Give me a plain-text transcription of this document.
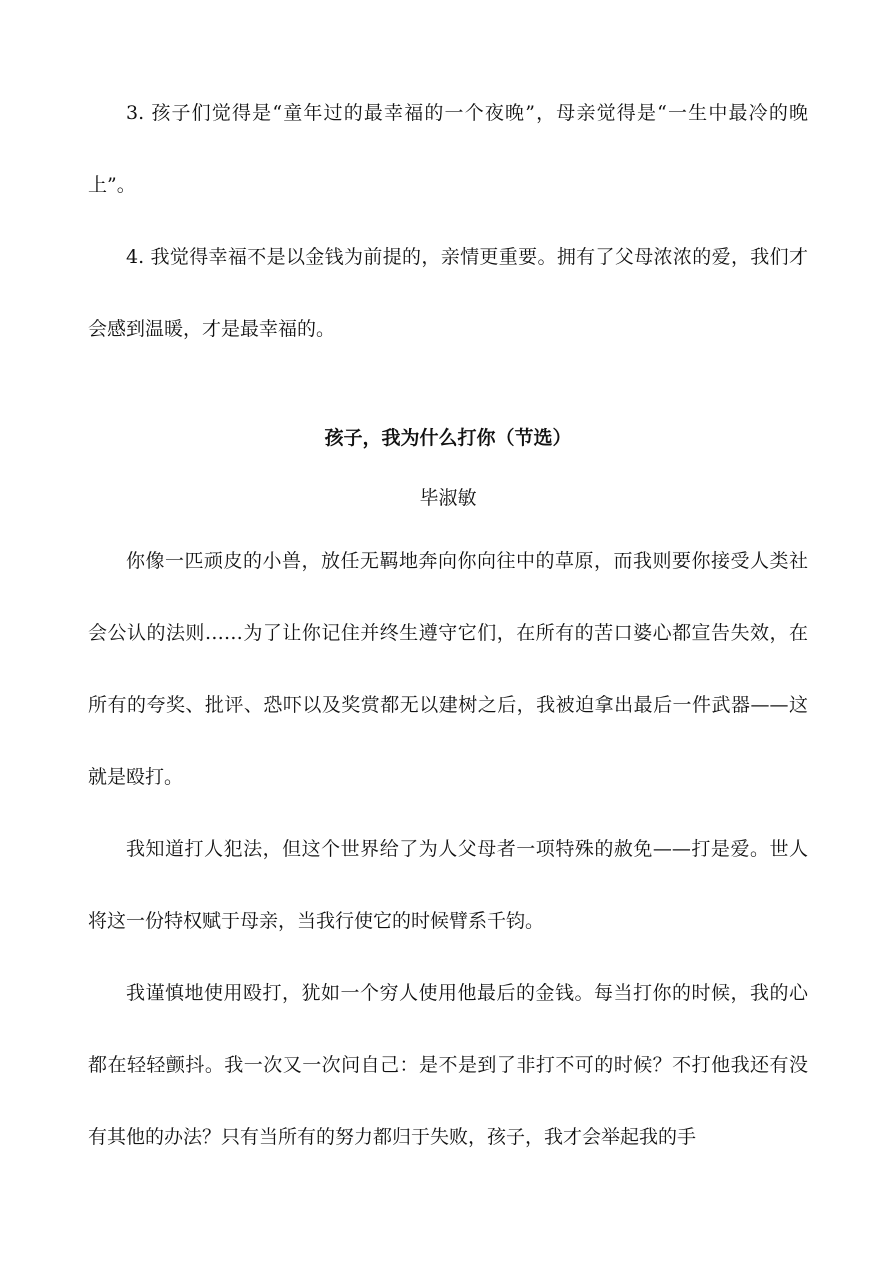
3. 孩子们觉得是“童年过的最幸福的一个夜晚”，母亲觉得是“一生中最冷的晚上”。

4. 我觉得幸福不是以金钱为前提的，亲情更重要。拥有了父母浓浓的爱，我们才会感到温暖，才是最幸福的。

孩子，我为什么打你（节选）
毕淑敏

你像一匹顽皮的小兽，放任无羁地奔向你向往中的草原，而我则要你接受人类社会公认的法则……为了让你记住并终生遵守它们，在所有的苦口婆心都宣告失效，在所有的夸奖、批评、恐吓以及奖赏都无以建树之后，我被迫拿出最后一件武器——这就是殴打。

我知道打人犯法，但这个世界给了为人父母者一项特殊的赦免——打是爱。世人将这一份特权赋于母亲，当我行使它的时候臂系千钧。

我谨慎地使用殴打，犹如一个穷人使用他最后的金钱。每当打你的时候，我的心都在轻轻颤抖。我一次又一次问自己：是不是到了非打不可的时候？不打他我还有没有其他的办法？只有当所有的努力都归于失败，孩子，我才会举起我的手
